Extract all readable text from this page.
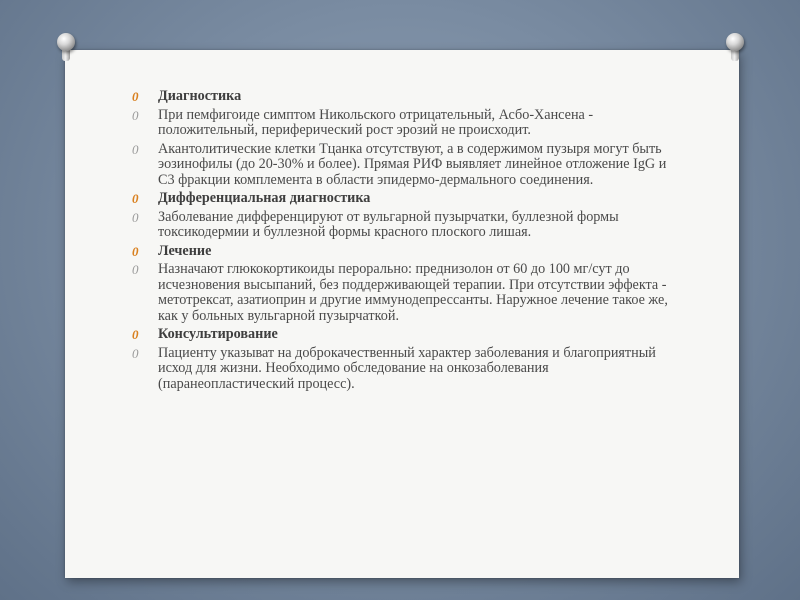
0 Диагностика
0 При пемфигоиде симптом Никольского отрицательный, Асбо-Хансена - положительный, периферический рост эрозий не происходит.
0 Акантолитические клетки Тцанка отсутствуют, а в содержимом пузыря могут быть эозинофилы (до 20-30% и более). Прямая РИФ выявляет линейное отложение IgG и С3 фракции комплемента в области эпидермо-дермального соединения.
0 Дифференциальная диагностика
0 Заболевание дифференцируют от вульгарной пузырчатки, буллезной формы токсикодермии и буллезной формы красного плоского лишая.
0 Лечение
0 Назначают глюкокортикоиды перорально: преднизолон от 60 до 100 мг/сут до исчезновения высыпаний, без поддерживающей терапии. При отсутствии эффекта - метотрексат, азатиоприн и другие иммунодепрессанты. Наружное лечение такое же, как у больных вульгарной пузырчаткой.
0 Консультирование
0 Пациенту указыват на доброкачественный характер заболевания и благоприятный исход для жизни. Необходимо обследование на онкозаболевания (паранеопластический процесс).
